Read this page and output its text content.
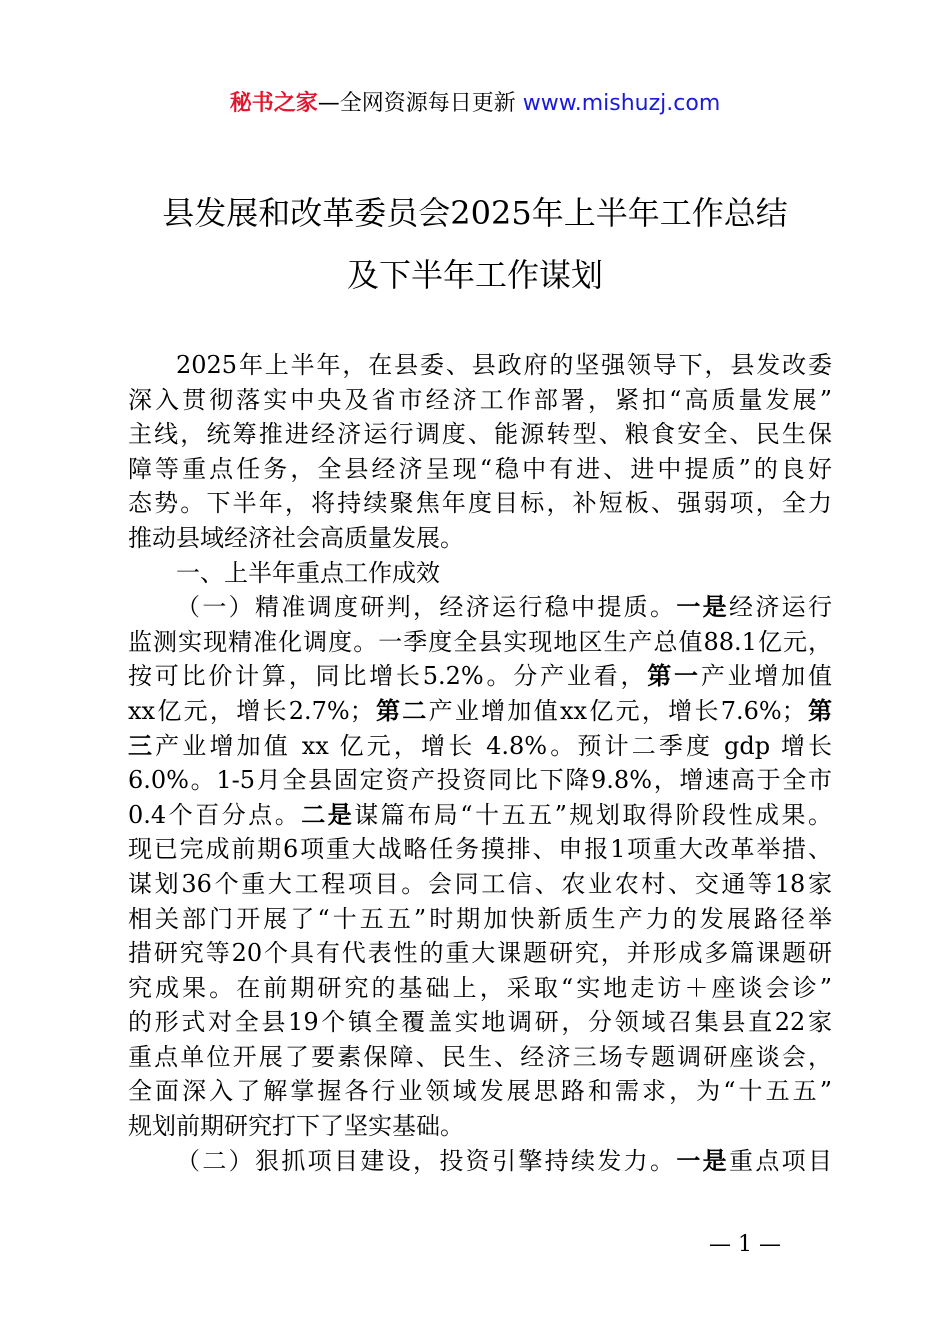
秘书之家—全网资源每日更新 www.mishuzj.com
县发展和改革委员会2025年上半年工作总结
及下半年工作谋划
2025年上半年，在县委、县政府的坚强领导下，县发改委
深入贯彻落实中央及省市经济工作部署，紧扣“高质量发展”
主线，统筹推进经济运行调度、能源转型、粮食安全、民生保
障等重点任务，全县经济呈现“稳中有进、进中提质”的良好
态势。下半年，将持续聚焦年度目标，补短板、强弱项，全力
推动县域经济社会高质量发展。
一、上半年重点工作成效
（一）精准调度研判，经济运行稳中提质。一是经济运行
监测实现精准化调度。一季度全县实现地区生产总值88.1亿元，
按可比价计算，同比增长5.2%。分产业看，第一产业增加值
xx亿元，增长2.7%；第二产业增加值xx亿元，增长7.6%；第
三产业增加值 xx 亿元，增长 4.8%。预计二季度 gdp 增长
6.0%。1-5月全县固定资产投资同比下降9.8%，增速高于全市
0.4个百分点。二是谋篇布局“十五五”规划取得阶段性成果。
现已完成前期6项重大战略任务摸排、申报1项重大改革举措、
谋划36个重大工程项目。会同工信、农业农村、交通等18家
相关部门开展了“十五五”时期加快新质生产力的发展路径举
措研究等20个具有代表性的重大课题研究，并形成多篇课题研
究成果。在前期研究的基础上，采取“实地走访＋座谈会诊”
的形式对全县19个镇全覆盖实地调研，分领域召集县直22家
重点单位开展了要素保障、民生、经济三场专题调研座谈会，
全面深入了解掌握各行业领域发展思路和需求，为“十五五”
规划前期研究打下了坚实基础。
（二）狠抓项目建设，投资引擎持续发力。一是重点项目
— 1 —
